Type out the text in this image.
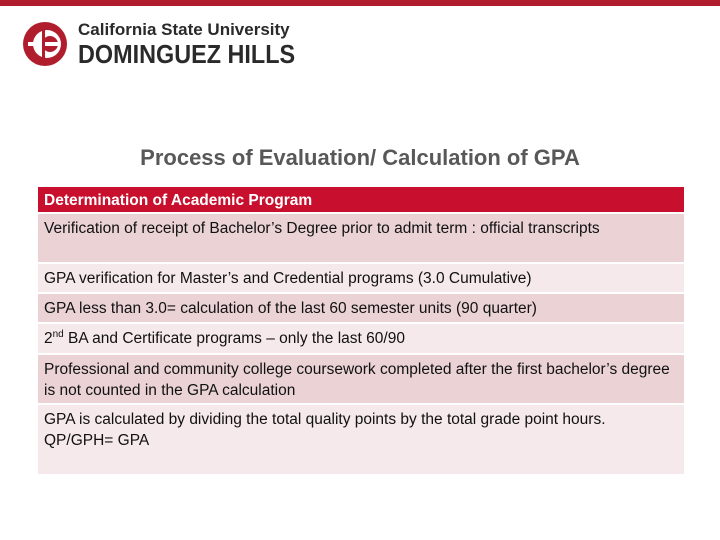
California State University
DOMINGUEZ HILLS
Process of Evaluation/ Calculation of GPA
Determination of Academic Program
Verification of receipt of Bachelor’s Degree prior to admit term : official transcripts
GPA verification for Master’s and Credential programs (3.0 Cumulative)
GPA less than 3.0= calculation of the last 60 semester units (90 quarter)
2nd BA and Certificate programs – only the last 60/90
Professional and community college coursework completed after the first bachelor’s degree is not counted in the GPA calculation
GPA is calculated by dividing the total quality points by the total grade point hours. QP/GPH= GPA
